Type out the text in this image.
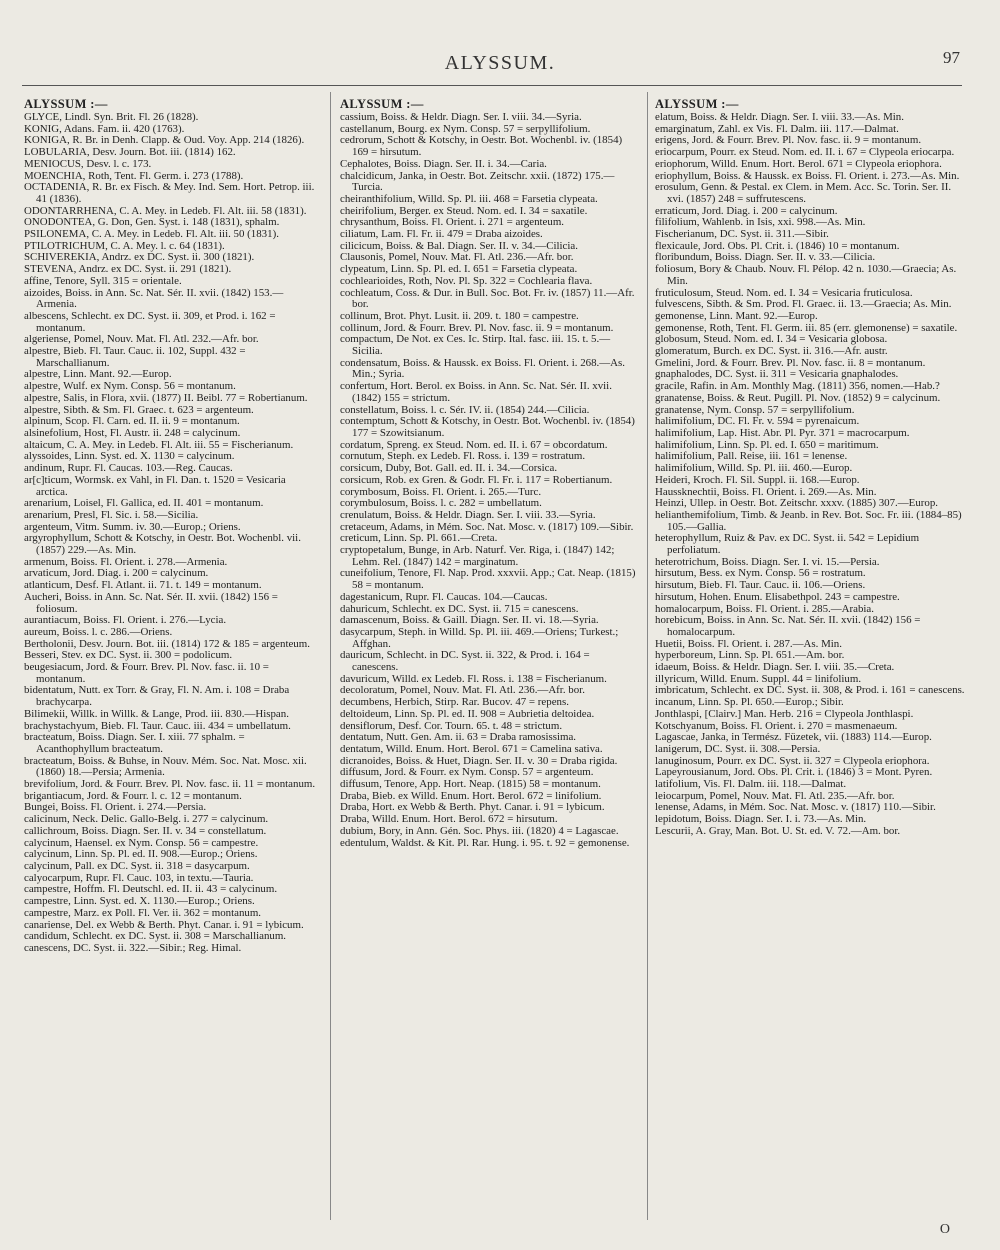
ALYSSUM.	97
ALYSSUM :—

GLYCE, Lindl. Syn. Brit. Fl. 26 (1828).

KONIG, Adans. Fam. ii. 420 (1763).

KONIGA, R. Br. in Denh. Clapp. & Oud. Voy. App. 214 (1826).

LOBULARIA, Desv. Journ. Bot. iii. (1814) 162.

MENIOCUS, Desv. l. c. 173.

MOENCHIA, Roth, Tent. Fl. Germ. i. 273 (1788).

OCTADENIA, R. Br. ex Fisch. & Mey. Ind. Sem. Hort. Petrop. iii. 41 (1836).

ODONTARRHENA, C. A. Mey. in Ledeb. Fl. Alt. iii. 58 (1831).

ONODONTEA, G. Don, Gen. Syst. i. 148 (1831), sphalm.

PSILONEMA, C. A. Mey. in Ledeb. Fl. Alt. iii. 50 (1831).

PTILOTRICHUM, C. A. Mey. l. c. 64 (1831).

SCHIVEREKIA, Andrz. ex DC. Syst. ii. 300 (1821).

STEVENA, Andrz. ex DC. Syst. ii. 291 (1821).

affine, Tenore, Syll. 315 = orientale.

aizoides, Boiss. in Ann. Sc. Nat. Sér. II. xvii. (1842) 153.—Armenia.

albescens, Schlecht. ex DC. Syst. ii. 309, et Prod. i. 162 = montanum.

algeriense, Pomel, Nouv. Mat. Fl. Atl. 232.—Afr. bor.

alpestre, Bieb. Fl. Taur. Cauc. ii. 102, Suppl. 432 = Marschallianum.

alpestre, Linn. Mant. 92.—Europ.

alpestre, Wulf. ex Nym. Consp. 56 = montanum.

alpestre, Salis, in Flora, xvii. (1877) II. Beibl. 77 = Robertianum.

alpestre, Sibth. & Sm. Fl. Graec. t. 623 = argenteum.

alpinum, Scop. Fl. Carn. ed. II. ii. 9 = montanum.

alsinefolium, Host, Fl. Austr. ii. 248 = calycinum.

altaicum, C. A. Mey. in Ledeb. Fl. Alt. iii. 55 = Fischerianum.

alyssoides, Linn. Syst. ed. X. 1130 = calycinum.

andinum, Rupr. Fl. Caucas. 103.—Reg. Caucas.

ar[c]ticum, Wormsk. ex Vahl, in Fl. Dan. t. 1520 = Vesicaria arctica.

arenarium, Loisel, Fl. Gallica, ed. II. 401 = montanum.

arenarium, Presl, Fl. Sic. i. 58.—Sicilia.

argenteum, Vitm. Summ. iv. 30.—Europ.; Oriens.

argyrophyllum, Schott & Kotschy, in Oestr. Bot. Wochenbl. vii. (1857) 229.—As. Min.

armenum, Boiss. Fl. Orient. i. 278.—Armenia.

arvaticum, Jord. Diag. i. 200 = calycinum.

atlanticum, Desf. Fl. Atlant. ii. 71. t. 149 = montanum.

Aucheri, Boiss. in Ann. Sc. Nat. Sér. II. xvii. (1842) 156 = foliosum.

aurantiacum, Boiss. Fl. Orient. i. 276.—Lycia.

aureum, Boiss. l. c. 286.—Oriens.

Bertholonii, Desv. Journ. Bot. iii. (1814) 172 & 185 = argenteum.

Besseri, Stev. ex DC. Syst. ii. 300 = podolicum.

beugesiacum, Jord. & Fourr. Brev. Pl. Nov. fasc. ii. 10 = montanum.

bidentatum, Nutt. ex Torr. & Gray, Fl. N. Am. i. 108 = Draba brachycarpa.

Bilimekii, Willk. in Willk. & Lange, Prod. iii. 830.—Hispan.

brachystachyum, Bieb. Fl. Taur. Cauc. iii. 434 = umbellatum.

bracteatum, Boiss. Diagn. Ser. I. xiii. 77 sphalm. = Acanthophyllum bracteatum.

bracteatum, Boiss. & Buhse, in Nouv. Mém. Soc. Nat. Mosc. xii. (1860) 18.—Persia; Armenia.

brevifolium, Jord. & Fourr. Brev. Pl. Nov. fasc. ii. 11 = montanum.

brigantiacum, Jord. & Fourr. l. c. 12 = montanum.

Bungei, Boiss. Fl. Orient. i. 274.—Persia.

calicinum, Neck. Delic. Gallo-Belg. i. 277 = calycinum.

callichroum, Boiss. Diagn. Ser. II. v. 34 = constellatum.

calycinum, Haensel. ex Nym. Consp. 56 = campestre.

calycinum, Linn. Sp. Pl. ed. II. 908.—Europ.; Oriens.

calycinum, Pall. ex DC. Syst. ii. 318 = dasycarpum.

calyocarpum, Rupr. Fl. Cauc. 103, in textu.—Tauria.

campestre, Hoffm. Fl. Deutschl. ed. II. ii. 43 = calycinum.

campestre, Linn. Syst. ed. X. 1130.—Europ.; Oriens.

campestre, Marz. ex Poll. Fl. Ver. ii. 362 = montanum.

canariense, Del. ex Webb & Berth. Phyt. Canar. i. 91 = lybicum.

candidum, Schlecht. ex DC. Syst. ii. 308 = Marschallianum.

canescens, DC. Syst. ii. 322.—Sibir.; Reg. Himal.

ALYSSUM :—

cassium, Boiss. & Heldr. Diagn. Ser. I. viii. 34.—Syria.

castellanum, Bourg. ex Nym. Consp. 57 = serpyllifolium.

cedrorum, Schott & Kotschy, in Oestr. Bot. Wochenbl. iv. (1854) 169 = hirsutum.

Cephalotes, Boiss. Diagn. Ser. II. i. 34.—Caria.

chalcidicum, Janka, in Oestr. Bot. Zeitschr. xxii. (1872) 175.—Turcia.

cheiranthifolium, Willd. Sp. Pl. iii. 468 = Farsetia clypeata.

cheirifolium, Berger. ex Steud. Nom. ed. I. 34 = saxatile.

chrysanthum, Boiss. Fl. Orient. i. 271 = argenteum.

ciliatum, Lam. Fl. Fr. ii. 479 = Draba aizoides.

cilicicum, Boiss. & Bal. Diagn. Ser. II. v. 34.—Cilicia.

Clausonis, Pomel, Nouv. Mat. Fl. Atl. 236.—Afr. bor.

clypeatum, Linn. Sp. Pl. ed. I. 651 = Farsetia clypeata.

cochlearioides, Roth, Nov. Pl. Sp. 322 = Cochlearia flava.

cochleatum, Coss. & Dur. in Bull. Soc. Bot. Fr. iv. (1857) 11.—Afr. bor.

collinum, Brot. Phyt. Lusit. ii. 209. t. 180 = campestre.

collinum, Jord. & Fourr. Brev. Pl. Nov. fasc. ii. 9 = montanum.

compactum, De Not. ex Ces. Ic. Stirp. Ital. fasc. iii. 15. t. 5.—Sicilia.

condensatum, Boiss. & Haussk. ex Boiss. Fl. Orient. i. 268.—As. Min.; Syria.

confertum, Hort. Berol. ex Boiss. in Ann. Sc. Nat. Sér. II. xvii. (1842) 155 = strictum.

constellatum, Boiss. l. c. Sér. IV. ii. (1854) 244.—Cilicia.

contemptum, Schott & Kotschy, in Oestr. Bot. Wochenbl. iv. (1854) 177 = Szowitsianum.

cordatum, Spreng. ex Steud. Nom. ed. II. i. 67 = obcordatum.

cornutum, Steph. ex Ledeb. Fl. Ross. i. 139 = rostratum.

corsicum, Duby, Bot. Gall. ed. II. i. 34.—Corsica.

corsicum, Rob. ex Gren. & Godr. Fl. Fr. i. 117 = Robertianum.

corymbosum, Boiss. Fl. Orient. i. 265.—Turc.

corymbulosum, Boiss. l. c. 282 = umbellatum.

crenulatum, Boiss. & Heldr. Diagn. Ser. I. viii. 33.—Syria.

cretaceum, Adams, in Mém. Soc. Nat. Mosc. v. (1817) 109.—Sibir.

creticum, Linn. Sp. Pl. 661.—Creta.

cryptopetalum, Bunge, in Arb. Naturf. Ver. Riga, i. (1847) 142; Lehm. Rel. (1847) 142 = marginatum.

cuneifolium, Tenore, Fl. Nap. Prod. xxxvii. App.; Cat. Neap. (1815) 58 = montanum.

dagestanicum, Rupr. Fl. Caucas. 104.—Caucas.

dahuricum, Schlecht. ex DC. Syst. ii. 715 = canescens.

damascenum, Boiss. & Gaill. Diagn. Ser. II. vi. 18.—Syria.

dasycarpum, Steph. in Willd. Sp. Pl. iii. 469.—Oriens; Turkest.; Affghan.

dauricum, Schlecht. in DC. Syst. ii. 322, & Prod. i. 164 = canescens.

davuricum, Willd. ex Ledeb. Fl. Ross. i. 138 = Fischerianum.

decoloratum, Pomel, Nouv. Mat. Fl. Atl. 236.—Afr. bor.

decumbens, Herbich, Stirp. Rar. Bucov. 47 = repens.

deltoideum, Linn. Sp. Pl. ed. II. 908 = Aubrietia deltoidea.

densiflorum, Desf. Cor. Tourn. 65. t. 48 = strictum.

dentatum, Nutt. Gen. Am. ii. 63 = Draba ramosissima.

dentatum, Willd. Enum. Hort. Berol. 671 = Camelina sativa.

dicranoides, Boiss. & Huet, Diagn. Ser. II. v. 30 = Draba rigida.

diffusum, Jord. & Fourr. ex Nym. Consp. 57 = argenteum.

diffusum, Tenore, App. Hort. Neap. (1815) 58 = montanum.

Draba, Bieb. ex Willd. Enum. Hort. Berol. 672 = linifolium.

Draba, Hort. ex Webb & Berth. Phyt. Canar. i. 91 = lybicum.

Draba, Willd. Enum. Hort. Berol. 672 = hirsutum.

dubium, Bory, in Ann. Gén. Soc. Phys. iii. (1820) 4 = Lagascae.

edentulum, Waldst. & Kit. Pl. Rar. Hung. i. 95. t. 92 = gemonense.

ALYSSUM :—

elatum, Boiss. & Heldr. Diagn. Ser. I. viii. 33.—As. Min.

emarginatum, Zahl. ex Vis. Fl. Dalm. iii. 117.—Dalmat.

erigens, Jord. & Fourr. Brev. Pl. Nov. fasc. ii. 9 = montanum.

eriocarpum, Pourr. ex Steud. Nom. ed. II. i. 67 = Clypeola eriocarpa.

eriophorum, Willd. Enum. Hort. Berol. 671 = Clypeola eriophora.

eriophyllum, Boiss. & Haussk. ex Boiss. Fl. Orient. i. 273.—As. Min.

erosulum, Genn. & Pestal. ex Clem. in Mem. Acc. Sc. Torin. Ser. II. xvi. (1857) 248 = suffrutescens.

erraticum, Jord. Diag. i. 200 = calycinum.

filifolium, Wahlenb. in Isis, xxi. 998.—As. Min.

Fischerianum, DC. Syst. ii. 311.—Sibir.

flexicaule, Jord. Obs. Pl. Crit. i. (1846) 10 = montanum.

floribundum, Boiss. Diagn. Ser. II. v. 33.—Cilicia.

foliosum, Bory & Chaub. Nouv. Fl. Pélop. 42 n. 1030.—Graecia; As. Min.

fruticulosum, Steud. Nom. ed. I. 34 = Vesicaria fruticulosa.

fulvescens, Sibth. & Sm. Prod. Fl. Graec. ii. 13.—Graecia; As. Min.

gemonense, Linn. Mant. 92.—Europ.

gemonense, Roth, Tent. Fl. Germ. iii. 85 (err. glemonense) = saxatile.

globosum, Steud. Nom. ed. I. 34 = Vesicaria globosa.

glomeratum, Burch. ex DC. Syst. ii. 316.—Afr. austr.

Gmelini, Jord. & Fourr. Brev. Pl. Nov. fasc. ii. 8 = montanum.

gnaphalodes, DC. Syst. ii. 311 = Vesicaria gnaphalodes.

gracile, Rafin. in Am. Monthly Mag. (1811) 356, nomen.—Hab.?

granatense, Boiss. & Reut. Pugill. Pl. Nov. (1852) 9 = calycinum.

granatense, Nym. Consp. 57 = serpyllifolium.

halimifolium, DC. Fl. Fr. v. 594 = pyrenaicum.

halimifolium, Lap. Hist. Abr. Pl. Pyr. 371 = macrocarpum.

halimifolium, Linn. Sp. Pl. ed. I. 650 = maritimum.

halimifolium, Pall. Reise, iii. 161 = lenense.

halimifolium, Willd. Sp. Pl. iii. 460.—Europ.

Heideri, Kroch. Fl. Sil. Suppl. ii. 168.—Europ.

Haussknechtii, Boiss. Fl. Orient. i. 269.—As. Min.

Heinzi, Ullep. in Oestr. Bot. Zeitschr. xxxv. (1885) 307.—Europ.

helianthemifolium, Timb. & Jeanb. in Rev. Bot. Soc. Fr. iii. (1884–85) 105.—Gallia.

heterophyllum, Ruiz & Pav. ex DC. Syst. ii. 542 = Lepidium perfoliatum.

heterotrichum, Boiss. Diagn. Ser. I. vi. 15.—Persia.

hirsutum, Bess. ex Nym. Consp. 56 = rostratum.

hirsutum, Bieb. Fl. Taur. Cauc. ii. 106.—Oriens.

hirsutum, Hohen. Enum. Elisabethpol. 243 = campestre.

homalocarpum, Boiss. Fl. Orient. i. 285.—Arabia.

horebicum, Boiss. in Ann. Sc. Nat. Sér. II. xvii. (1842) 156 = homalocarpum.

Huetii, Boiss. Fl. Orient. i. 287.—As. Min.

hyperboreum, Linn. Sp. Pl. 651.—Am. bor.

idaeum, Boiss. & Heldr. Diagn. Ser. I. viii. 35.—Creta.

illyricum, Willd. Enum. Suppl. 44 = linifolium.

imbricatum, Schlecht. ex DC. Syst. ii. 308, & Prod. i. 161 = canescens.

incanum, Linn. Sp. Pl. 650.—Europ.; Sibir.

Jonthlaspi, [Clairv.] Man. Herb. 216 = Clypeola Jonthlaspi.

Kotschyanum, Boiss. Fl. Orient. i. 270 = masmenaeum.

Lagascae, Janka, in Termész. Füzetek, vii. (1883) 114.—Europ.

lanigerum, DC. Syst. ii. 308.—Persia.

lanuginosum, Pourr. ex DC. Syst. ii. 327 = Clypeola eriophora.

Lapeyrousianum, Jord. Obs. Pl. Crit. i. (1846) 3 = Mont. Pyren.

latifolium, Vis. Fl. Dalm. iii. 118.—Dalmat.

leiocarpum, Pomel, Nouv. Mat. Fl. Atl. 235.—Afr. bor.

lenense, Adams, in Mém. Soc. Nat. Mosc. v. (1817) 110.—Sibir.

lepidotum, Boiss. Diagn. Ser. I. i. 73.—As. Min.

Lescurii, A. Gray, Man. Bot. U. St. ed. V. 72.—Am. bor.

O
